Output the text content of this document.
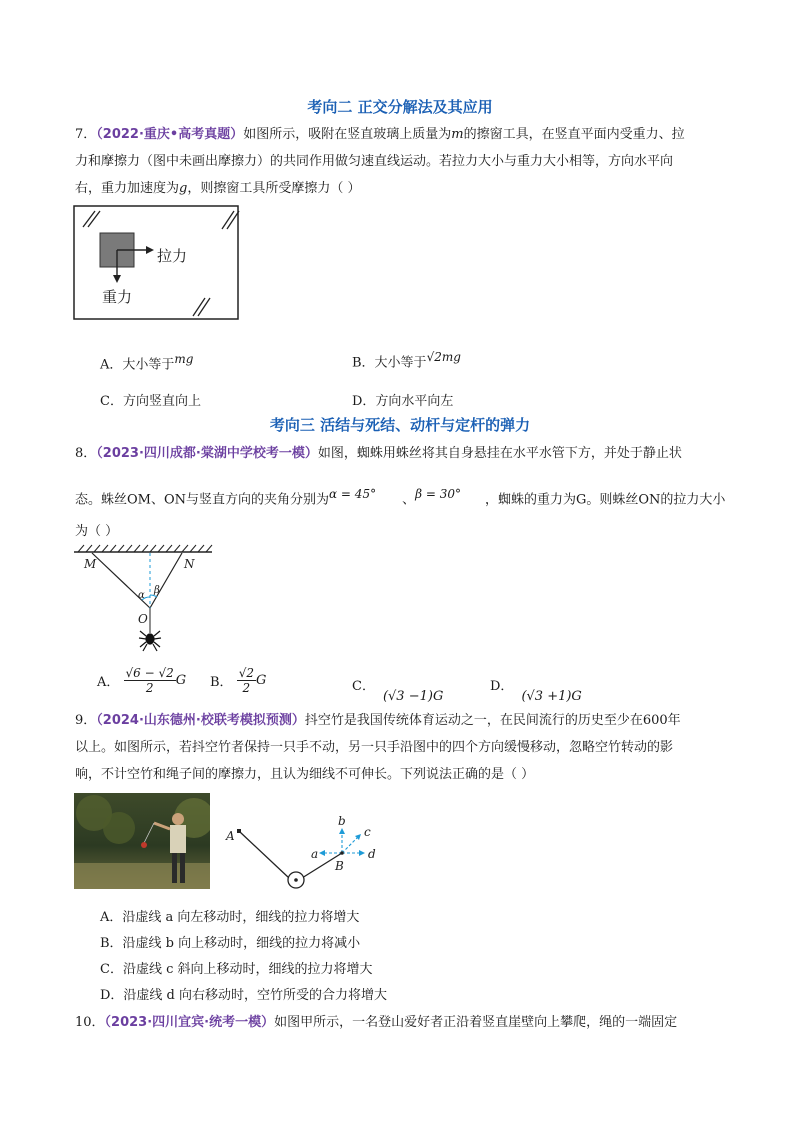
考向二 正交分解法及其应用
7．（2022·重庆•高考真题）如图所示，吸附在竖直玻璃上质量为m的擦窗工具，在竖直平面内受重力、拉
力和摩擦力（图中未画出摩擦力）的共同作用做匀速直线运动。若拉力大小与重力大小相等，方向水平向
右，重力加速度为g，则擦窗工具所受摩擦力（ ）
拉力
重力
A．大小等于$^{mg}$	B．大小等于$^{√2mg}$
C．方向竖直向上	D．方向水平向左
考向三 活结与死结、动杆与定杆的弹力
8．（2023·四川成都·棠湖中学校考一模）如图，蜘蛛用蛛丝将其自身悬挂在水平水管下方，并处于静止状
态。蛛丝OM、ON与竖直方向的夹角分别为$^{\alpha = 45^\circ}$ 、$^{\beta = 30^\circ}$ ，蜘蛛的重力为G。则蛛丝ON的拉力大小
为（ ）
M	N
O
α β
A． $\frac{√6 - √2}{2}$ G B． $\frac{√2}{2}$ G	C．(√3 −1)G
D．(√3 +1)G
9．（2024·山东德州·校联考模拟预测）抖空竹是我国传统体育运动之一，在民间流行的历史至少在600年
以上。如图所示，若抖空竹者保持一只手不动，另一只手沿图中的四个方向缓慢移动，忽略空竹转动的影
响，不计空竹和绳子间的摩擦力，且认为细线不可伸长。下列说法正确的是（ ）
A
B
a
b
c
d
A．沿虚线 a 向左移动时，细线的拉力将增大
B．沿虚线 b 向上移动时，细线的拉力将减小
C．沿虚线 c 斜向上移动时，细线的拉力将增大
D．沿虚线 d 向右移动时，空竹所受的合力将增大
10．（2023·四川宜宾·统考一模）如图甲所示，一名登山爱好者正沿着竖直崖壁向上攀爬，绳的一端固定
